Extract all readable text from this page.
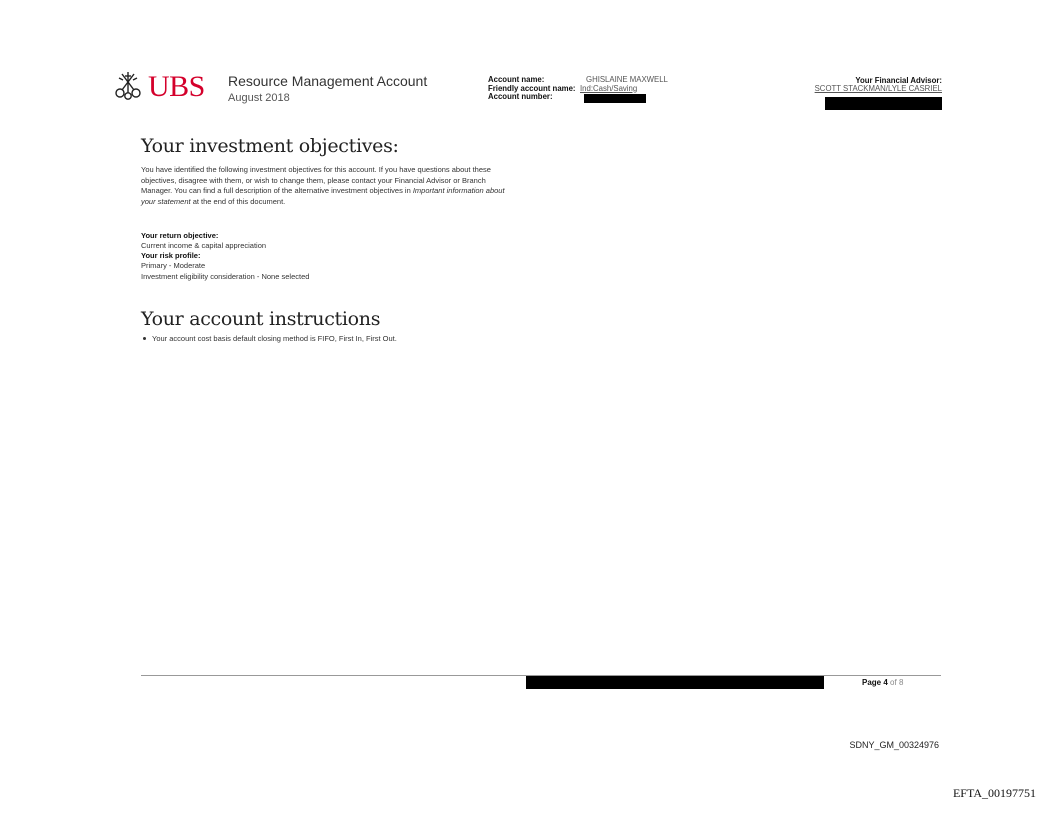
UBS Resource Management Account
August 2018
Account name:
Friendly account name:
Account number:
GHISLAINE MAXWELL
Ind:Cash/Saving
Your Financial Advisor:
SCOTT STACKMAN/LYLE CASRIEL
Your investment objectives:
You have identified the following investment objectives for this account. If you have questions about these objectives, disagree with them, or wish to change them, please contact your Financial Advisor or Branch Manager. You can find a full description of the alternative investment objectives in Important information about your statement at the end of this document.
Your return objective:
Current income & capital appreciation
Your risk profile:
Primary - Moderate
Investment eligibility consideration - None selected
Your account instructions
Your account cost basis default closing method is FIFO, First In, First Out.
Page 4 of 8
SDNY_GM_00324976
EFTA_00197751
